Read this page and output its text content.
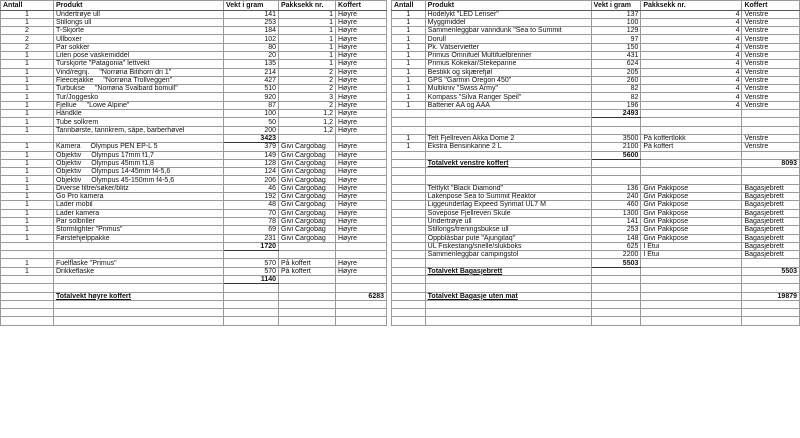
Antall	Produkt	Vekt i gram	Pakksekk nr.	Koffert
1	Undertrøye ull	141	1	Høyre
1	Stillongs ull	253	1	Høyre
2	T-Skjorte	184	1	Høyre
2	Ullboxer	102	1	Høyre
2	Par sokker	80	1	Høyre
1	Liten pose vaskemiddel	20	1	Høyre
1	Turskjorte "Patagonia" lettvekt	135	1	Høyre
1	Vind/regnj. "Norrøna Bitihorn dri 1"	214	2	Høyre
1	Fleecejakke "Norrøna Trollveggen"	427	2	Høyre
1	Turbukse "Norrøna Svalbard bomull"	510	2	Høyre
1	Tur/Joggesko	920	3	Høyre
1	Fjellue "Lowe Alpine"	87	2	Høyre
1	Håndkle	100	1,2	Høyre
1	Tube solkrem	50	1,2	Høyre
1	Tannbørste, tannkrem, såpe, barberhøvel	200	1,2	Høyre
		3423		
1	Kamera Olympus PEN EP-L 5	379	Givi Cargobag	Høyre
1	Objektiv Olympus 17mm f1,7	149	Givi Cargobag	Høyre
1	Objektiv Olympus 45mm f1,8	128	Givi Cargobag	Høyre
1	Objektiv Olympus 14-45mm f4-5,6	124	Givi Cargobag	Høyre
1	Objektiv Olympus 45-150mm f4-5,6	206	Givi Cargobag	Høyre
1	Diverse filtre/søker/blitz	46	Givi Cargobag	Høyre
1	Go Pro kamera	192	Givi Cargobag	Høyre
1	Lader mobil	48	Givi Cargobag	Høyre
1	Lader kamera	70	Givi Cargobag	Høyre
1	Par solbriller	78	Givi Cargobag	Høyre
1	Stormlighter "Primus"	69	Givi Cargobag	Høyre
1	Førstehjelppakke	231	Givi Cargobag	Høyre
		1720		

1	Fuelflaske "Primus"	570	På koffert	Høyre
1	Drikkeflaske	570	På koffert	Høyre
		1140		

	Totalvekt høyre koffert			6283

Antall	Produkt	Vekt i gram	Pakksekk nr.	Koffert
1	Hodelykt "LED Lenser"	137	4	Venstre
1	Myggmiddel	100	4	Venstre
1	Sammenleggbar vanndunk "Sea to Summit	129	4	Venstre
1	Dorull	97	4	Venstre
1	Pk. Våtservietter	150	4	Venstre
1	Primus Omnifuel Multifuelbrenner	431	4	Venstre
1	Primus Kokekar/Stekepanne	624	4	Venstre
1	Bestikk og skjærefjøl	205	4	Venstre
1	GPS "Garmin Oregon 450"	260	4	Venstre
1	Multikniv "Swiss Army"	82	4	Venstre
1	Kompass "Silva Ranger Speil"	82	4	Venstre
1	Batterier AA og AAA	196	4	Venstre
		2493		

1	Telt Fjellreven Akka Dome 2	3500	På koffertlokk	Venstre
1	Ekstra Bensinkanne 2 L	2100	På koffert	Venstre
		5600		
	Totalvekt venstre koffert			8093

	Teltlykt "Black Diamond"	136	Givi Pakkpose	Bagasjebrett
	Lakenpose Sea to Summit Reaktor	240	Givi Pakkpose	Bagasjebrett
	Liggeunderlag Expeed Synmat UL7 M	460	Givi Pakkpose	Bagasjebrett
	Sovepose Fjellreven Skule	1300	Givi Pakkpose	Bagasjebrett
	Undertrøye ull	141	Givi Pakkpose	Bagasjebrett
	Stillongs/treningsbukse ull	253	Givi Pakkpose	Bagasjebrett
	Oppblåsbar pute "Ajungilaq"	148	Givi Pakkpose	Bagasjebrett
	UL Fiskestang/snelle/slukboks	625	I Etui	Bagasjebrett
	Sammenleggbar campingstol	2200	I Etui	Bagasjebrett
		5503		
	Totalvekt Bagasjebrett			5503

	Totalvekt Bagasje uten mat			19879
